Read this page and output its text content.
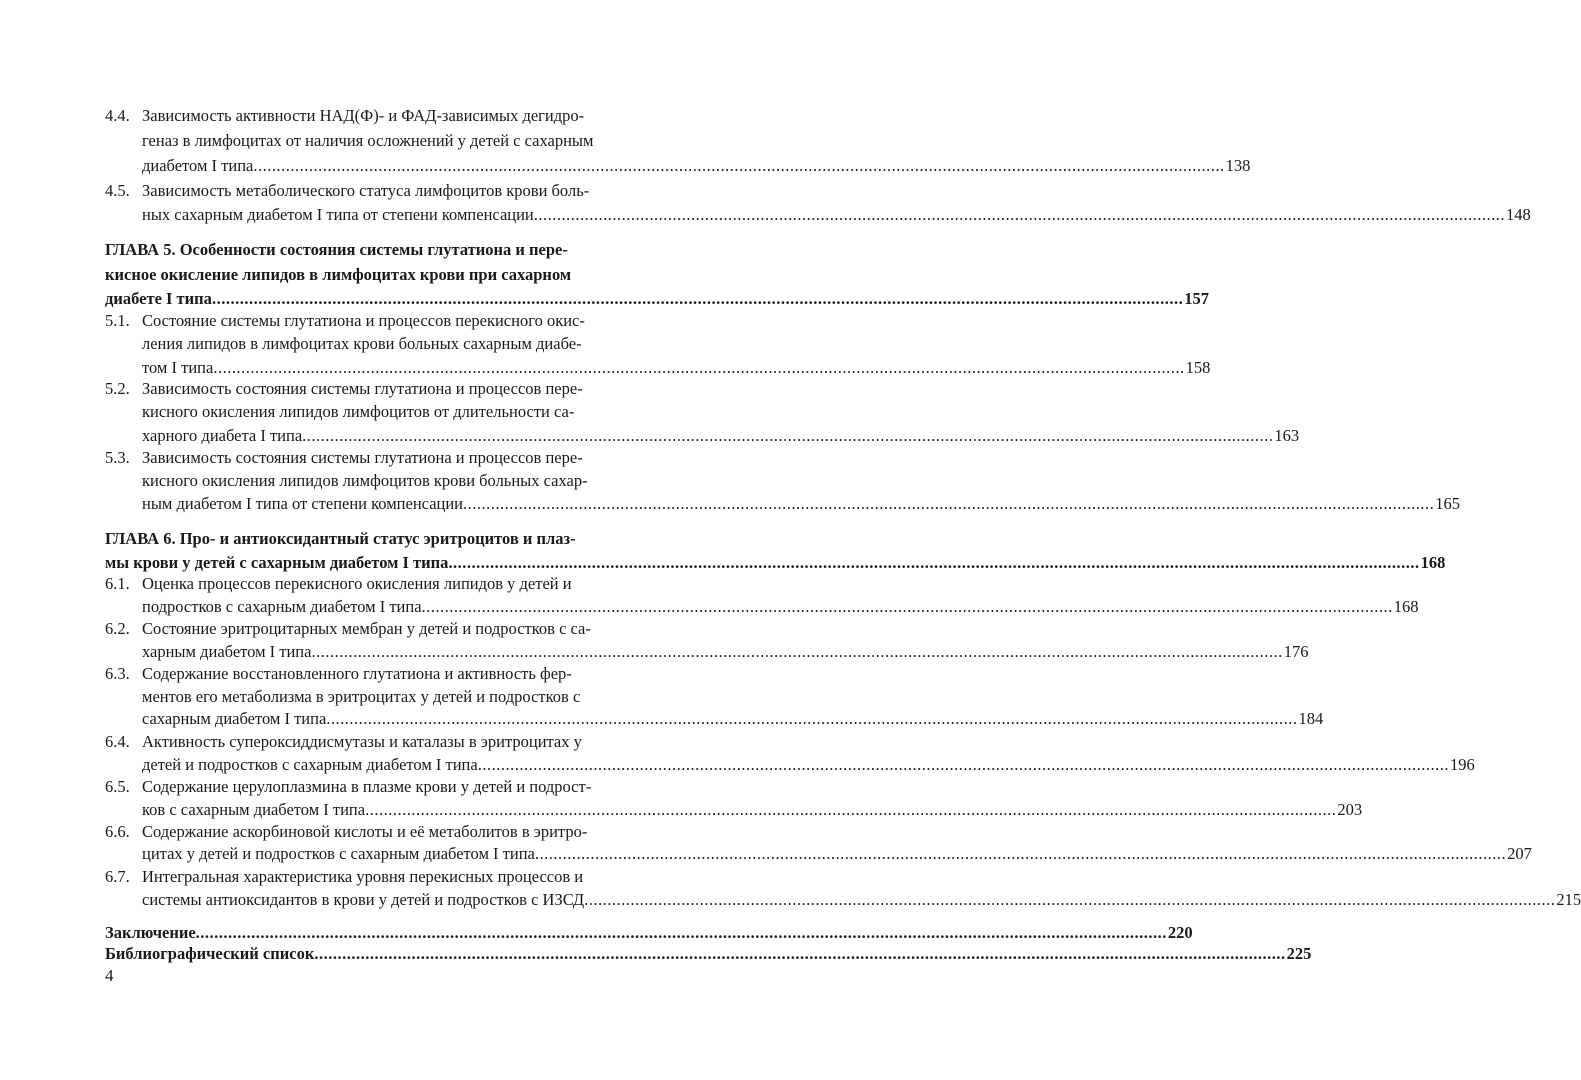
4.4. Зависимость активности НАД(Ф)- и ФАД-зависимых дегидро-
геназ в лимфоцитах от наличия осложнений у детей с сахарным
диабетом I типа .................................................................................................................................................................................................................. 138
4.5. Зависимость метаболического статуса лимфоцитов крови боль-
ных сахарным диабетом I типа от степени компенсации .................................................................................................................................................................................................................. 148
ГЛАВА 5. Особенности состояния системы глутатиона и пере-
кисное окисление липидов в лимфоцитах крови при сахарном
диабете I типа .................................................................................................................................................................................................................. 157
5.1. Состояние системы глутатиона и процессов перекисного окис-
ления липидов в лимфоцитах крови больных сахарным диабе-
том I типа .................................................................................................................................................................................................................. 158
5.2. Зависимость состояния системы глутатиона и процессов пере-
кисного окисления липидов лимфоцитов от длительности са-
харного диабета I типа .................................................................................................................................................................................................................. 163
5.3. Зависимость состояния системы глутатиона и процессов пере-
кисного окисления липидов лимфоцитов крови больных сахар-
ным диабетом I типа от степени компенсации .................................................................................................................................................................................................................. 165
ГЛАВА 6. Про- и антиоксидантный статус эритроцитов и плаз-
мы крови у детей с сахарным диабетом I типа .................................................................................................................................................................................................................. 168
6.1. Оценка процессов перекисного окисления липидов у детей и
подростков с сахарным диабетом I типа .................................................................................................................................................................................................................. 168
6.2. Состояние эритроцитарных мембран у детей и подростков с са-
харным диабетом I типа .................................................................................................................................................................................................................. 176
6.3. Содержание восстановленного глутатиона и активность фер-
ментов его метаболизма в эритроцитах у детей и подростков с
сахарным диабетом I типа .................................................................................................................................................................................................................. 184
6.4. Активность супероксиддисмутазы и каталазы в эритроцитах у
детей и подростков с сахарным диабетом I типа .................................................................................................................................................................................................................. 196
6.5. Содержание церулоплазмина в плазме крови у детей и подрост-
ков с сахарным диабетом I типа .................................................................................................................................................................................................................. 203
6.6. Содержание аскорбиновой кислоты и её метаболитов в эритро-
цитах у детей и подростков с сахарным диабетом I типа .................................................................................................................................................................................................................. 207
6.7. Интегральная характеристика уровня перекисных процессов и
системы антиоксидантов в крови у детей и подростков с ИЗСД .................................................................................................................................................................................................................. 215
Заключение .................................................................................................................................................................................................................. 220
Библиографический список .................................................................................................................................................................................................................. 225
4
